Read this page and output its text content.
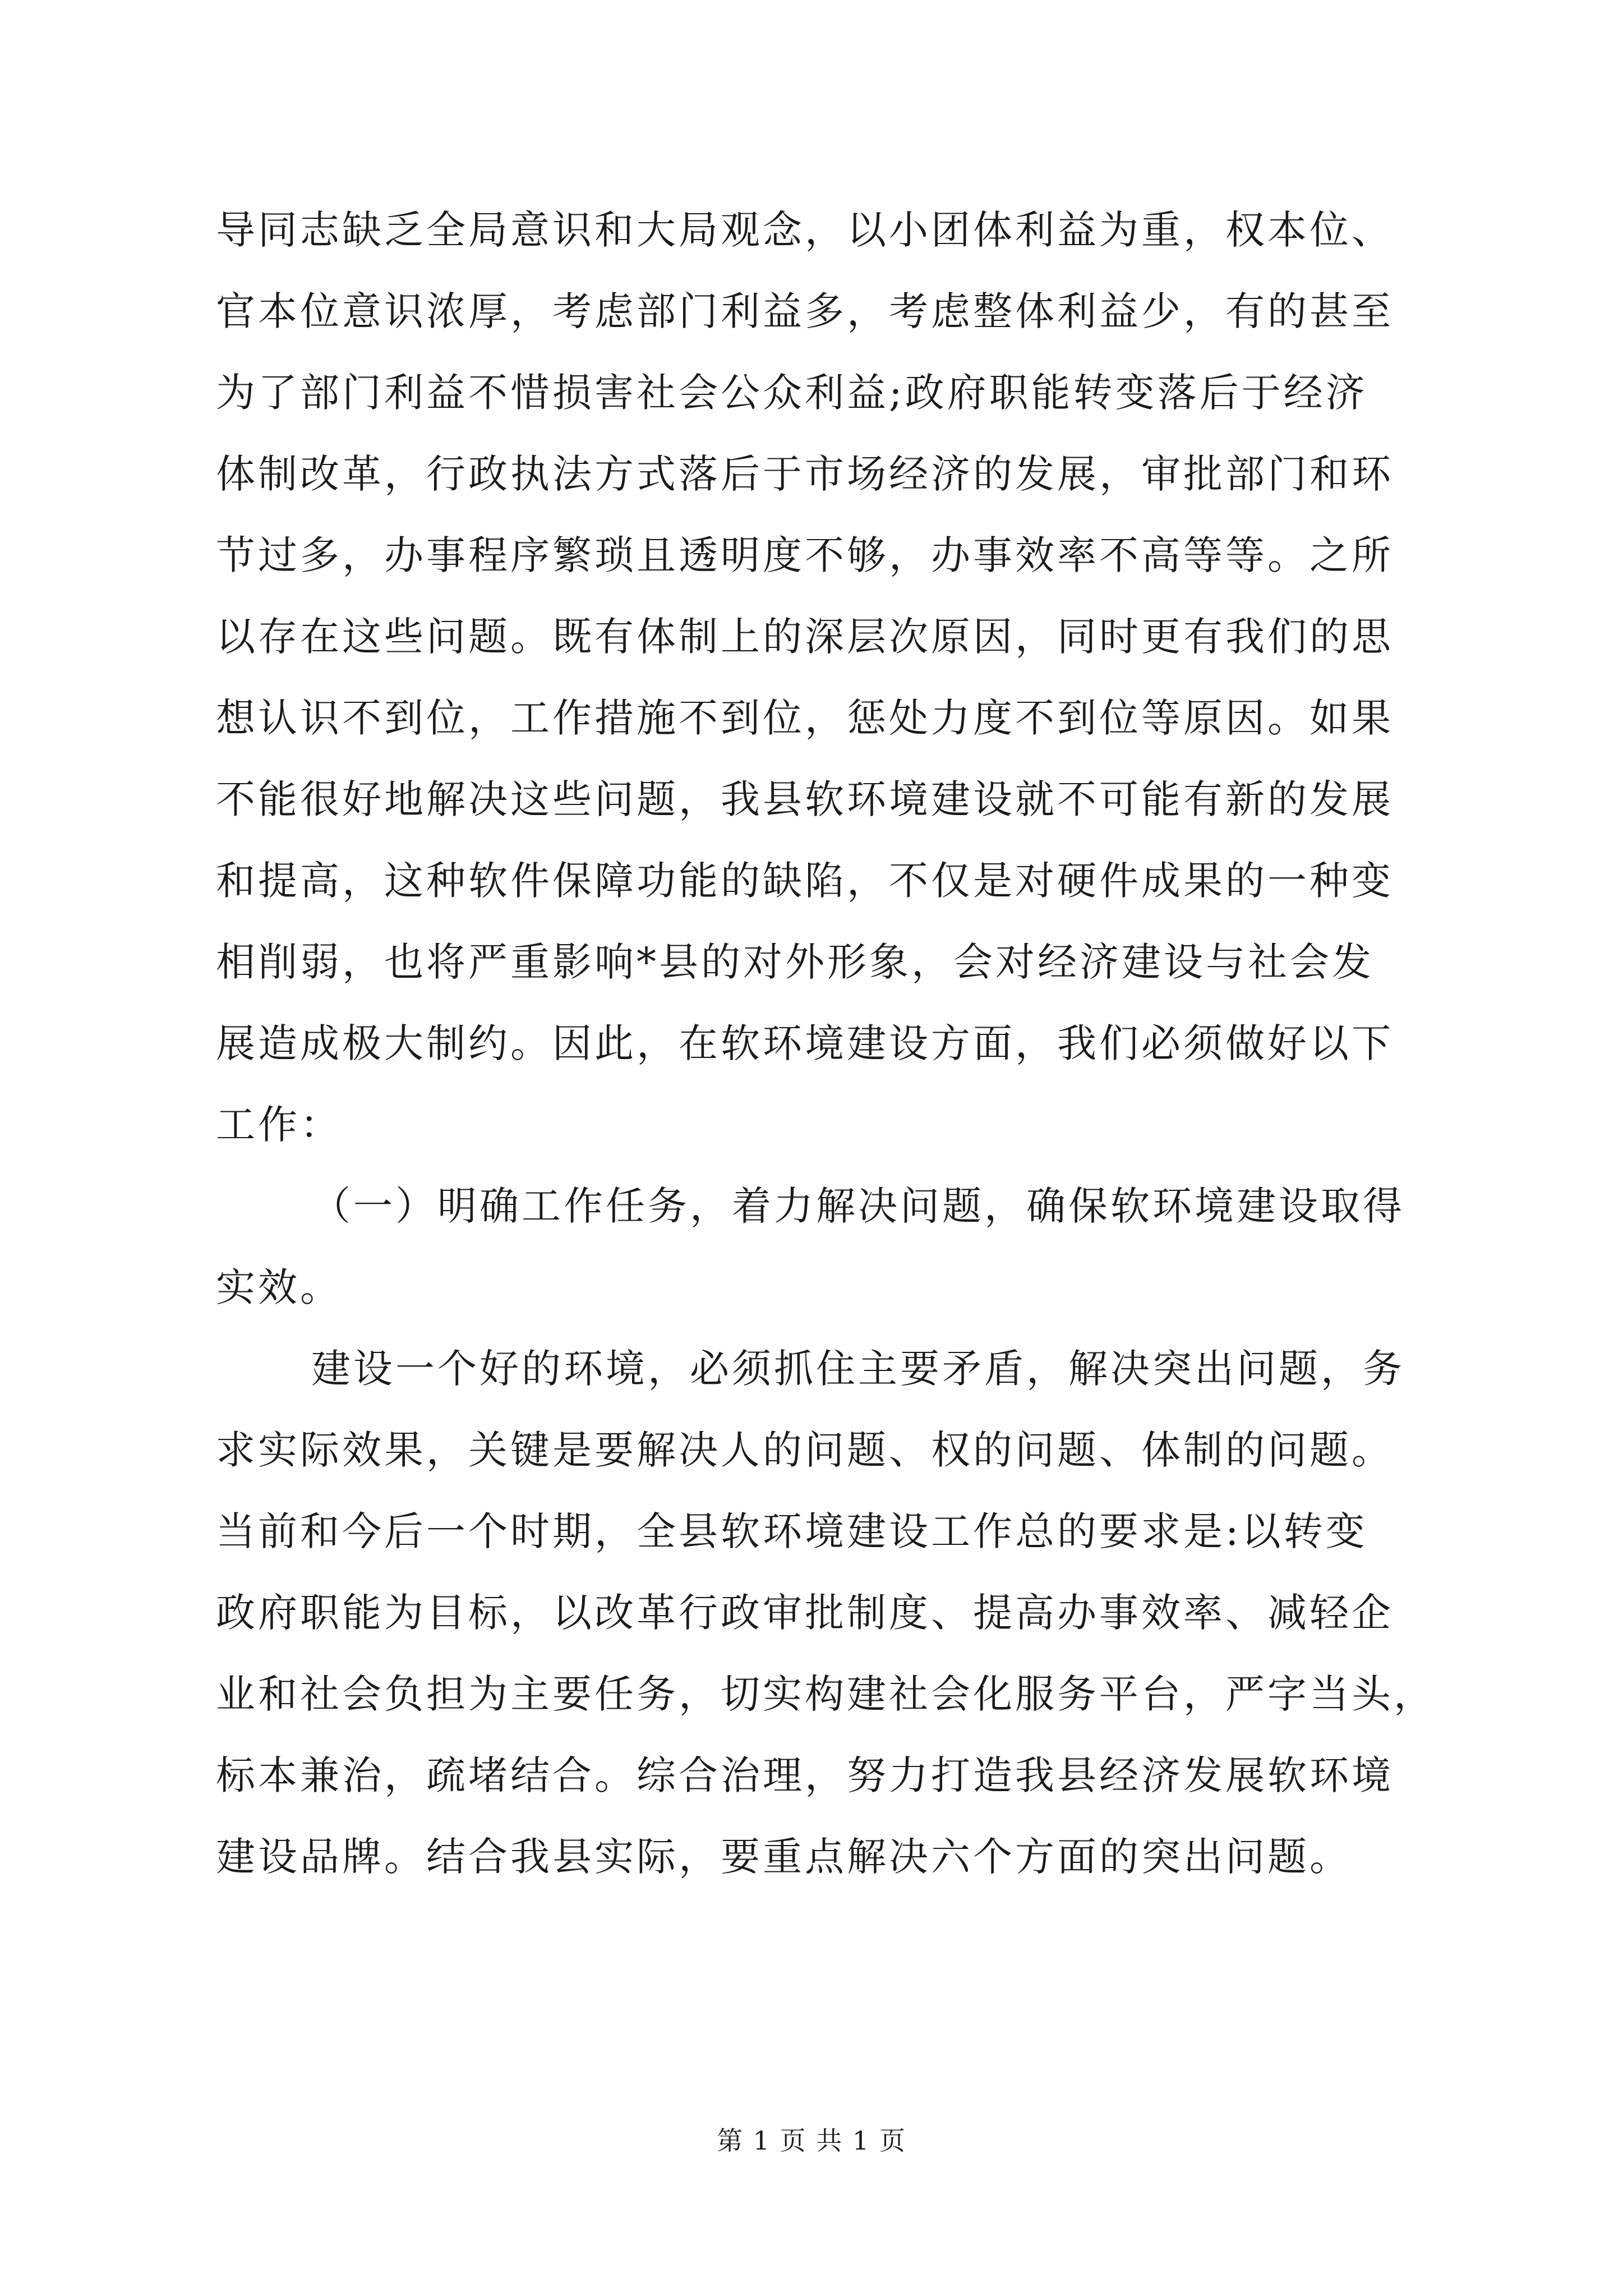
导同志缺乏全局意识和大局观念，以小团体利益为重，权本位、
官本位意识浓厚，考虑部门利益多，考虑整体利益少，有的甚至
为了部门利益不惜损害社会公众利益;政府职能转变落后于经济
体制改革，行政执法方式落后于市场经济的发展，审批部门和环
节过多，办事程序繁琐且透明度不够，办事效率不高等等。之所
以存在这些问题。既有体制上的深层次原因，同时更有我们的思
想认识不到位，工作措施不到位，惩处力度不到位等原因。如果
不能很好地解决这些问题，我县软环境建设就不可能有新的发展
和提高，这种软件保障功能的缺陷，不仅是对硬件成果的一种变
相削弱，也将严重影响*县的对外形象，会对经济建设与社会发
展造成极大制约。因此，在软环境建设方面，我们必须做好以下
工作：
（一）明确工作任务，着力解决问题，确保软环境建设取得
实效。
建设一个好的环境，必须抓住主要矛盾，解决突出问题，务
求实际效果，关键是要解决人的问题、权的问题、体制的问题。
当前和今后一个时期，全县软环境建设工作总的要求是:以转变
政府职能为目标，以改革行政审批制度、提高办事效率、减轻企
业和社会负担为主要任务，切实构建社会化服务平台，严字当头，
标本兼治，疏堵结合。综合治理，努力打造我县经济发展软环境
建设品牌。结合我县实际，要重点解决六个方面的突出问题。
第 1 页 共 1 页
